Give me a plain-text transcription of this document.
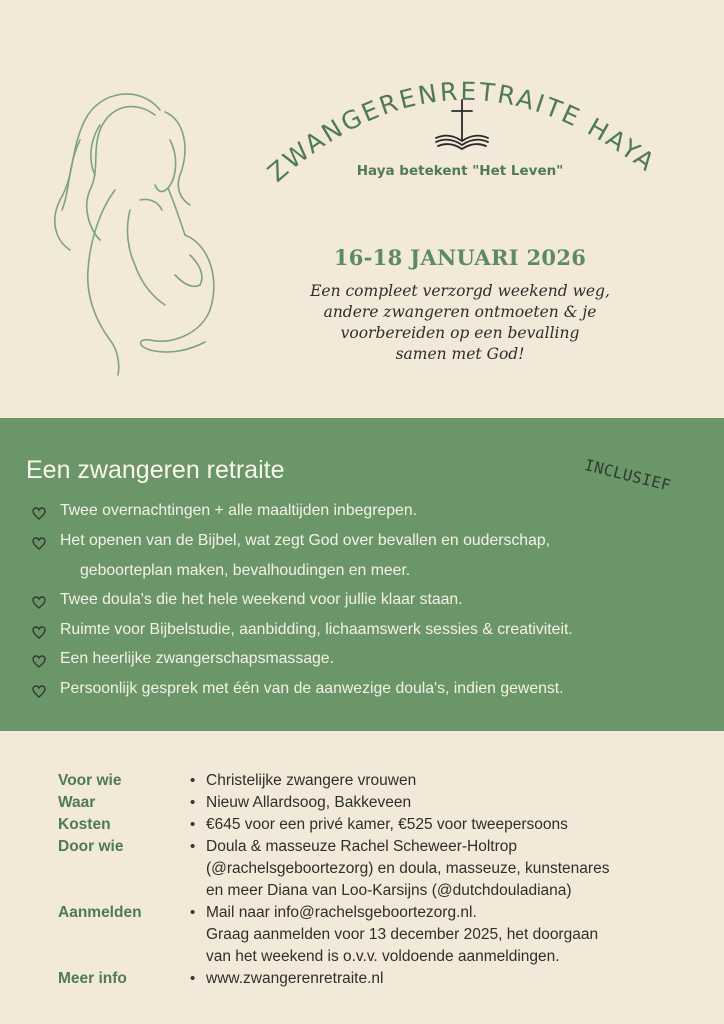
ZWANGERENRETRAITE HAYA
Haya betekent "Het Leven"
16-18 JANUARI 2026
Een compleet verzorgd weekend weg,
andere zwangeren ontmoeten & je
voorbereiden op een bevalling
samen met God!
Een zwangeren retraite	INCLUSIEF
Twee overnachtingen + alle maaltijden inbegrepen.
Het openen van de Bijbel, wat zegt God over bevallen en ouderschap,
geboorteplan maken, bevalhoudingen en meer.
Twee doula's die het hele weekend voor jullie klaar staan.
Ruimte voor Bijbelstudie, aanbidding, lichaamswerk sessies & creativiteit.
Een heerlijke zwangerschapsmassage.
Persoonlijk gesprek met één van de aanwezige doula's, indien gewenst.
Voor wie	• Christelijke zwangere vrouwen
Waar	• Nieuw Allardsoog, Bakkeveen
Kosten	• €645 voor een privé kamer, €525 voor tweepersoons
Door wie	• Doula & masseuze Rachel Scheweer-Holtrop
(@rachelsgeboortezorg) en doula, masseuze, kunstenares
en meer Diana van Loo-Karsijns (@dutchdouladiana)
Aanmelden	• Mail naar info@rachelsgeboortezorg.nl.
Graag aanmelden voor 13 december 2025, het doorgaan
van het weekend is o.v.v. voldoende aanmeldingen.
Meer info	• www.zwangerenretraite.nl
